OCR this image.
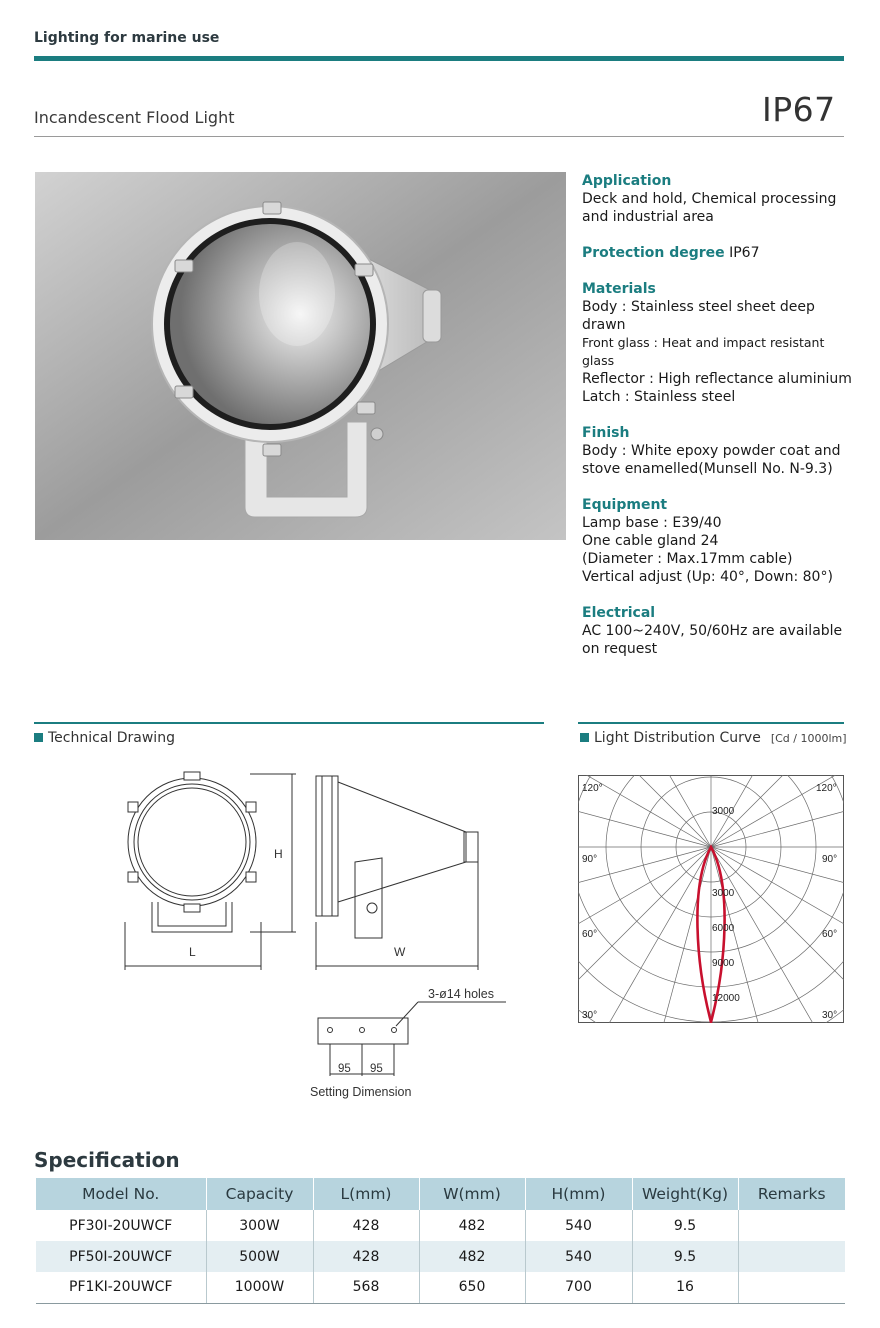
Lighting for marine use
Incandescent Flood Light	IP67
Application
Deck and hold, Chemical processing
and industrial area
Protection degree IP67
Materials
Body : Stainless steel sheet deep drawn
Front glass : Heat and impact resistant glass
Reflector : High reflectance aluminium
Latch : Stainless steel
Finish
Body : White epoxy powder coat and
stove enamelled(Munsell No. N-9.3)
Equipment
Lamp base : E39/40
One cable gland 24
(Diameter : Max.17mm cable)
Vertical adjust (Up: 40°, Down: 80°)
Electrical
AC 100~240V, 50/60Hz are available
on request
Technical Drawing	Light Distribution Curve [Cd / 1000lm]
H
L	W
3-ø14 holes
95 95
Setting Dimension
120°	120°
90°	90°
60°	60°
30°	30°
3000
3000
6000
9000
12000
Specification
Model No.	Capacity	L(mm)	W(mm)	H(mm)	Weight(Kg)	Remarks
PF30I-20UWCF	300W	428	482	540	9.5	
PF50I-20UWCF	500W	428	482	540	9.5	
PF1KI-20UWCF	1000W	568	650	700	16	
